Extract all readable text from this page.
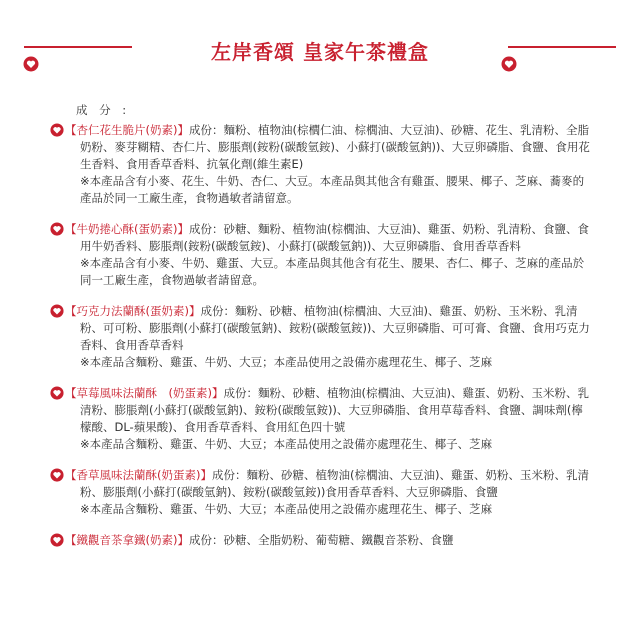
左岸香頌 皇家午茶禮盒
成 分 :
【杏仁花生脆片(奶素)】成份：麵粉、植物油(棕櫚仁油、棕櫚油、大豆油)、砂糖、花生、乳清粉、全脂奶粉、麥芽糊精、杏仁片、膨脹劑(銨粉(碳酸氫銨)、小蘇打(碳酸氫鈉))、大豆卵磷脂、食鹽、食用花生香料、食用香草香料、抗氧化劑(維生素E)
※本產品含有小麥、花生、牛奶、杏仁、大豆。本產品與其他含有雞蛋、腰果、椰子、芝麻、蕎麥的產品於同一工廠生產，食物過敏者請留意。
【牛奶捲心酥(蛋奶素)】成份：砂糖、麵粉、植物油(棕櫚油、大豆油)、雞蛋、奶粉、乳清粉、食鹽、食用牛奶香料、膨脹劑(銨粉(碳酸氫銨)、小蘇打(碳酸氫鈉))、大豆卵磷脂、食用香草香料
※本產品含有小麥、牛奶、雞蛋、大豆。本產品與其他含有花生、腰果、杏仁、椰子、芝麻的產品於同一工廠生產，食物過敏者請留意。
【巧克力法蘭酥(蛋奶素)】成份：麵粉、砂糖、植物油(棕櫚油、大豆油)、雞蛋、奶粉、玉米粉、乳清粉、可可粉、膨脹劑(小蘇打(碳酸氫鈉)、銨粉(碳酸氫銨))、大豆卵磷脂、可可膏、食鹽、食用巧克力香料、食用香草香料
※本產品含麵粉、雞蛋、牛奶、大豆；本產品使用之設備亦處理花生、椰子、芝麻
【草莓風味法蘭酥　(奶蛋素)】成份：麵粉、砂糖、植物油(棕櫚油、大豆油)、雞蛋、奶粉、玉米粉、乳清粉、膨脹劑(小蘇打(碳酸氫鈉)、銨粉(碳酸氫銨))、大豆卵磷脂、食用草莓香料、食鹽、調味劑(檸檬酸、DL-蘋果酸)、食用香草香料、食用紅色四十號
※本產品含麵粉、雞蛋、牛奶、大豆；本產品使用之設備亦處理花生、椰子、芝麻
【香草風味法蘭酥(奶蛋素)】成份：麵粉、砂糖、植物油(棕櫚油、大豆油)、雞蛋、奶粉、玉米粉、乳清粉、膨脹劑(小蘇打(碳酸氫鈉)、銨粉(碳酸氫銨))食用香草香料、大豆卵磷脂、食鹽
※本產品含麵粉、雞蛋、牛奶、大豆；本產品使用之設備亦處理花生、椰子、芝麻
【鐵觀音茶拿鐵(奶素)】成份：砂糖、全脂奶粉、葡萄糖、鐵觀音茶粉、食鹽
